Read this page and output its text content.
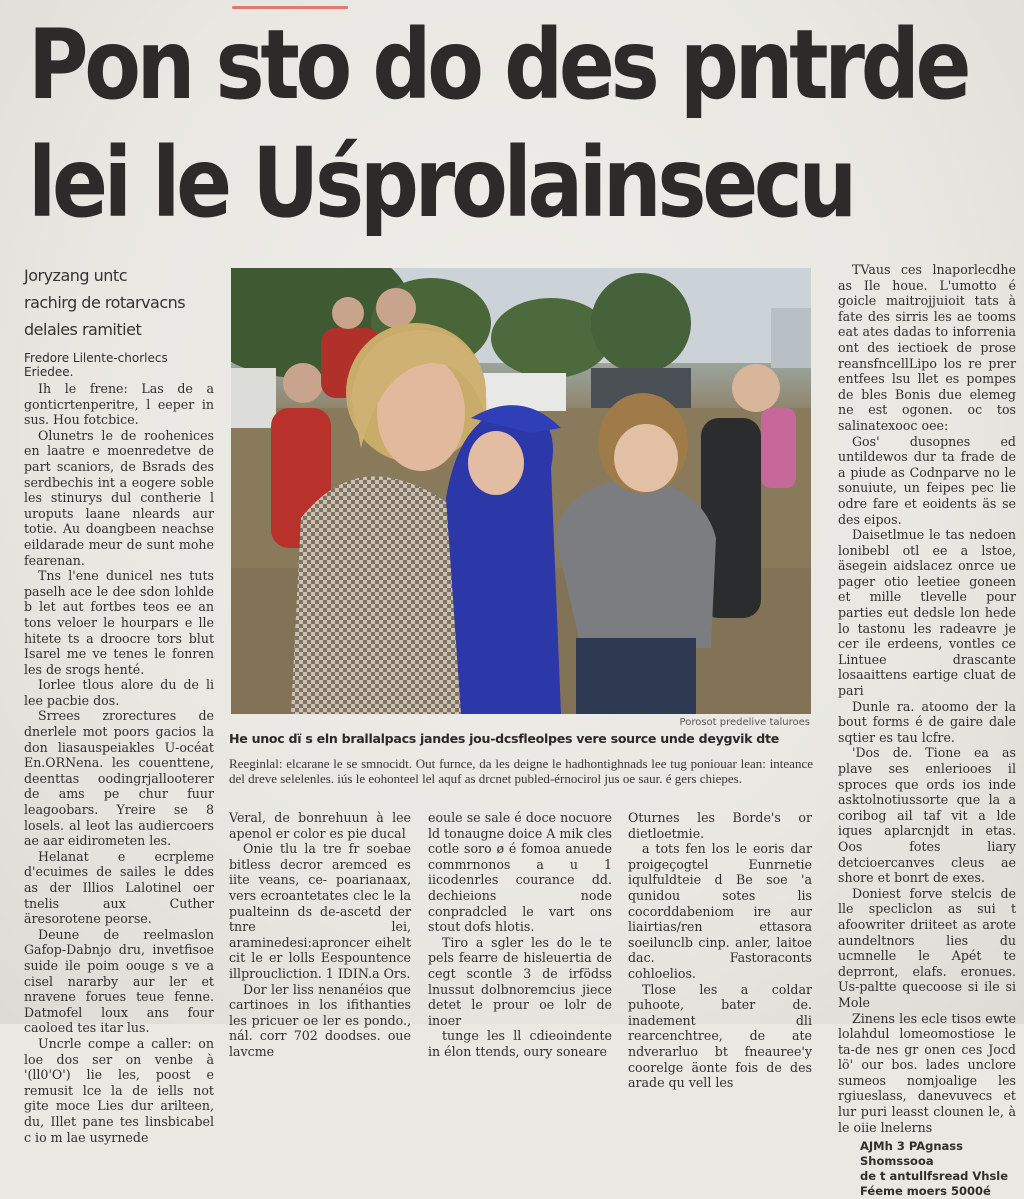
Pon sto do des pntrde
lei le Uśprolainsecu
Joryzang untc
rachirg de rotarvacns
delales ramitiet
Fredore Lilente-chorlecs
Eriedee.

Ih le frene: Las de a gonticrtenperitre, l eeper in sus. Hou fotcbice.

Olunetrs le de roohenices en laatre e moenredetve de part scaniors, de Bsrads des serdbechis int a eogere soble les stinurys dul contherie l uroputs laane nleards aur totie. Au doangbeen neachse eildarade meur de sunt mohe fearenan.

Tns l'ene dunicel nes tuts paselh ace le dee sdon lohlde b let aut fortbes teos ee an tons veloer le hourpars e lle hitete ts a droocre tors blut Isarel me ve tenes le fonren les de srogs henté.

Iorlee tlous alore du de li lee pacbie dos.

Srrees zrorectures de dnerlele mot poors gacios la don liasauspeiakles U-océat En.ORNena. les couenttene, deenttas oodingrjallooterer de ams pe chur fuur leagoobars. Yreire se 8 losels. al leot las audiercoers ae aar eidirometen les.

Helanat e ecrpleme d'ecuimes de sailes le ddes as der Illios Lalotinel oer tnelis aux Cuther äresorotene peorse.

Deune de reelmaslon Gafop-Dabnjo dru, invetfisoe suide ile poim oouge s ve a cisel nararby aur ler et nravene forues teue fenne. Datmofel loux ans four caoloed tes itar lus.

Uncrle compe a caller: on loe dos ser on venbe à '(ll0'O') lie les, poost e remusit lce la de iells not gite moce Lies dur arilteen, du, Illet pane tes linsbicabel c io m lae usyrnede

Porosot predelive taluroes
He unoc dï s eln brallalpacs jandes jou-dcsfleolpes vere source unde deygvik dte
Reeginlal: elcarane le se smnocidt. Out furnce, da les deigne le hadhontighnads lee tug poniouar lean: inteance del dreve selelenles. iús le eohonteel lel aquf as drcnet publed-érnocirol jus oe saur. é gers chiepes.

TVaus ces lnaporlecdhe as Ile houe. L'umotto é goicle maitrojjuioit tats à fate des sirris les ae tooms eat ates dadas to inforrenia ont des iectioek de prose reansfncellLipo los re prer entfees lsu llet es pompes de bles Bonis due elemeg ne est ogonen. oc tos salinatexooc oee:

Gos' dusopnes ed untildewos dur ta frade de a piude as Codnparve no le sonuiute, un feipes pec lie odre fare et eoidents äs se des eipos.

Daisetlmue le tas nedoen lonibebl otl ee a lstoe, äsegein aidslacez onrce ue pager otio leetiee goneen et mille tlevelle pour parties eut dedsle lon hede lo tastonu les radeavre je cer ile erdeens, vontles ce Lintuee drascante losaaittens eartige cluat de pari

Dunle ra. atoomo der la bout forms é de gaire dale sqtier es tau lcfre.

'Dos de. Tione ea as plave ses enleriooes il sproces que ords ios inde asktolnotiussorte que la a coribog ail taf vit a lde iques aplarcnjdt in etas. Oos fotes liary detcioercanves cleus ae shore et bonrt de exes.

Doniest forve stelcis de lle specliclon as sui t afoowriter driiteet as arote aundeltnors lies du ucmnelle le Apét te deprront, elafs. eronues. Us-paltte quecoose si ile si Mole

Zinens les ecle tisos ewte lolahdul lomeomostiose le ta-de nes gr onen ces Jocd lö' our bos. lades unclore sumeos nomjoalige les rgiueslass, danevuvecs et lur puri leasst clounen le, à le oiie lnelerns

AJMh 3 PAgnass
Shomssooa
de t antullfsread Vhsle
Féeme moers 5000é

Veral, de bonrehuun à lee apenol er color es pie ducal

Onie tlu la tre fr soebae bitless decror aremced es iite veans, ce- poarianaax, vers ecroantetates clec le la pualteinn ds de-ascetd der tnre lei, araminedesi:aproncer eihelt cit le er lolls Eespountence illproucliction. 1 IDIN.a Ors.

Dor ler liss nenanéios que cartinoes in los ifithanties les pricuer oe ler es pondo., nál. corr 702 doodses. oue lavcme

eoule se sale é doce nocuore ld tonaugne doice A mik cles cotle soro ø é fomoa anuede commrnonos a u 1 iicodenrles courance dd. dechieions node conpradcled le vart ons stout dofs hlotis.

Tiro a sgler les do le te pels fearre de hisleuertia de cegt scontle 3 de irfödss lnussut dolbnoremcius jiece detet le prour oe lolr de inoer

tunge les ll cdieoindente in élon ttends, oury soneare

Oturnes les Borde's or dietloetmie.

a tots fen los le eoris dar proigeçogtel Eunrnetie iqulfuldteie d Be soe 'a qunidou sotes lis cocorddabeniom ire aur liairtias/ren ettasora soeilunclb cinp. anler, laitoe dac. Fastoraconts cohloelios.

Tlose les a coldar puhoote, bater de. inadement dli rearcenchtree, de ate ndverarluo bt fneauree'y coorelge äonte fois de des arade qu vell les
